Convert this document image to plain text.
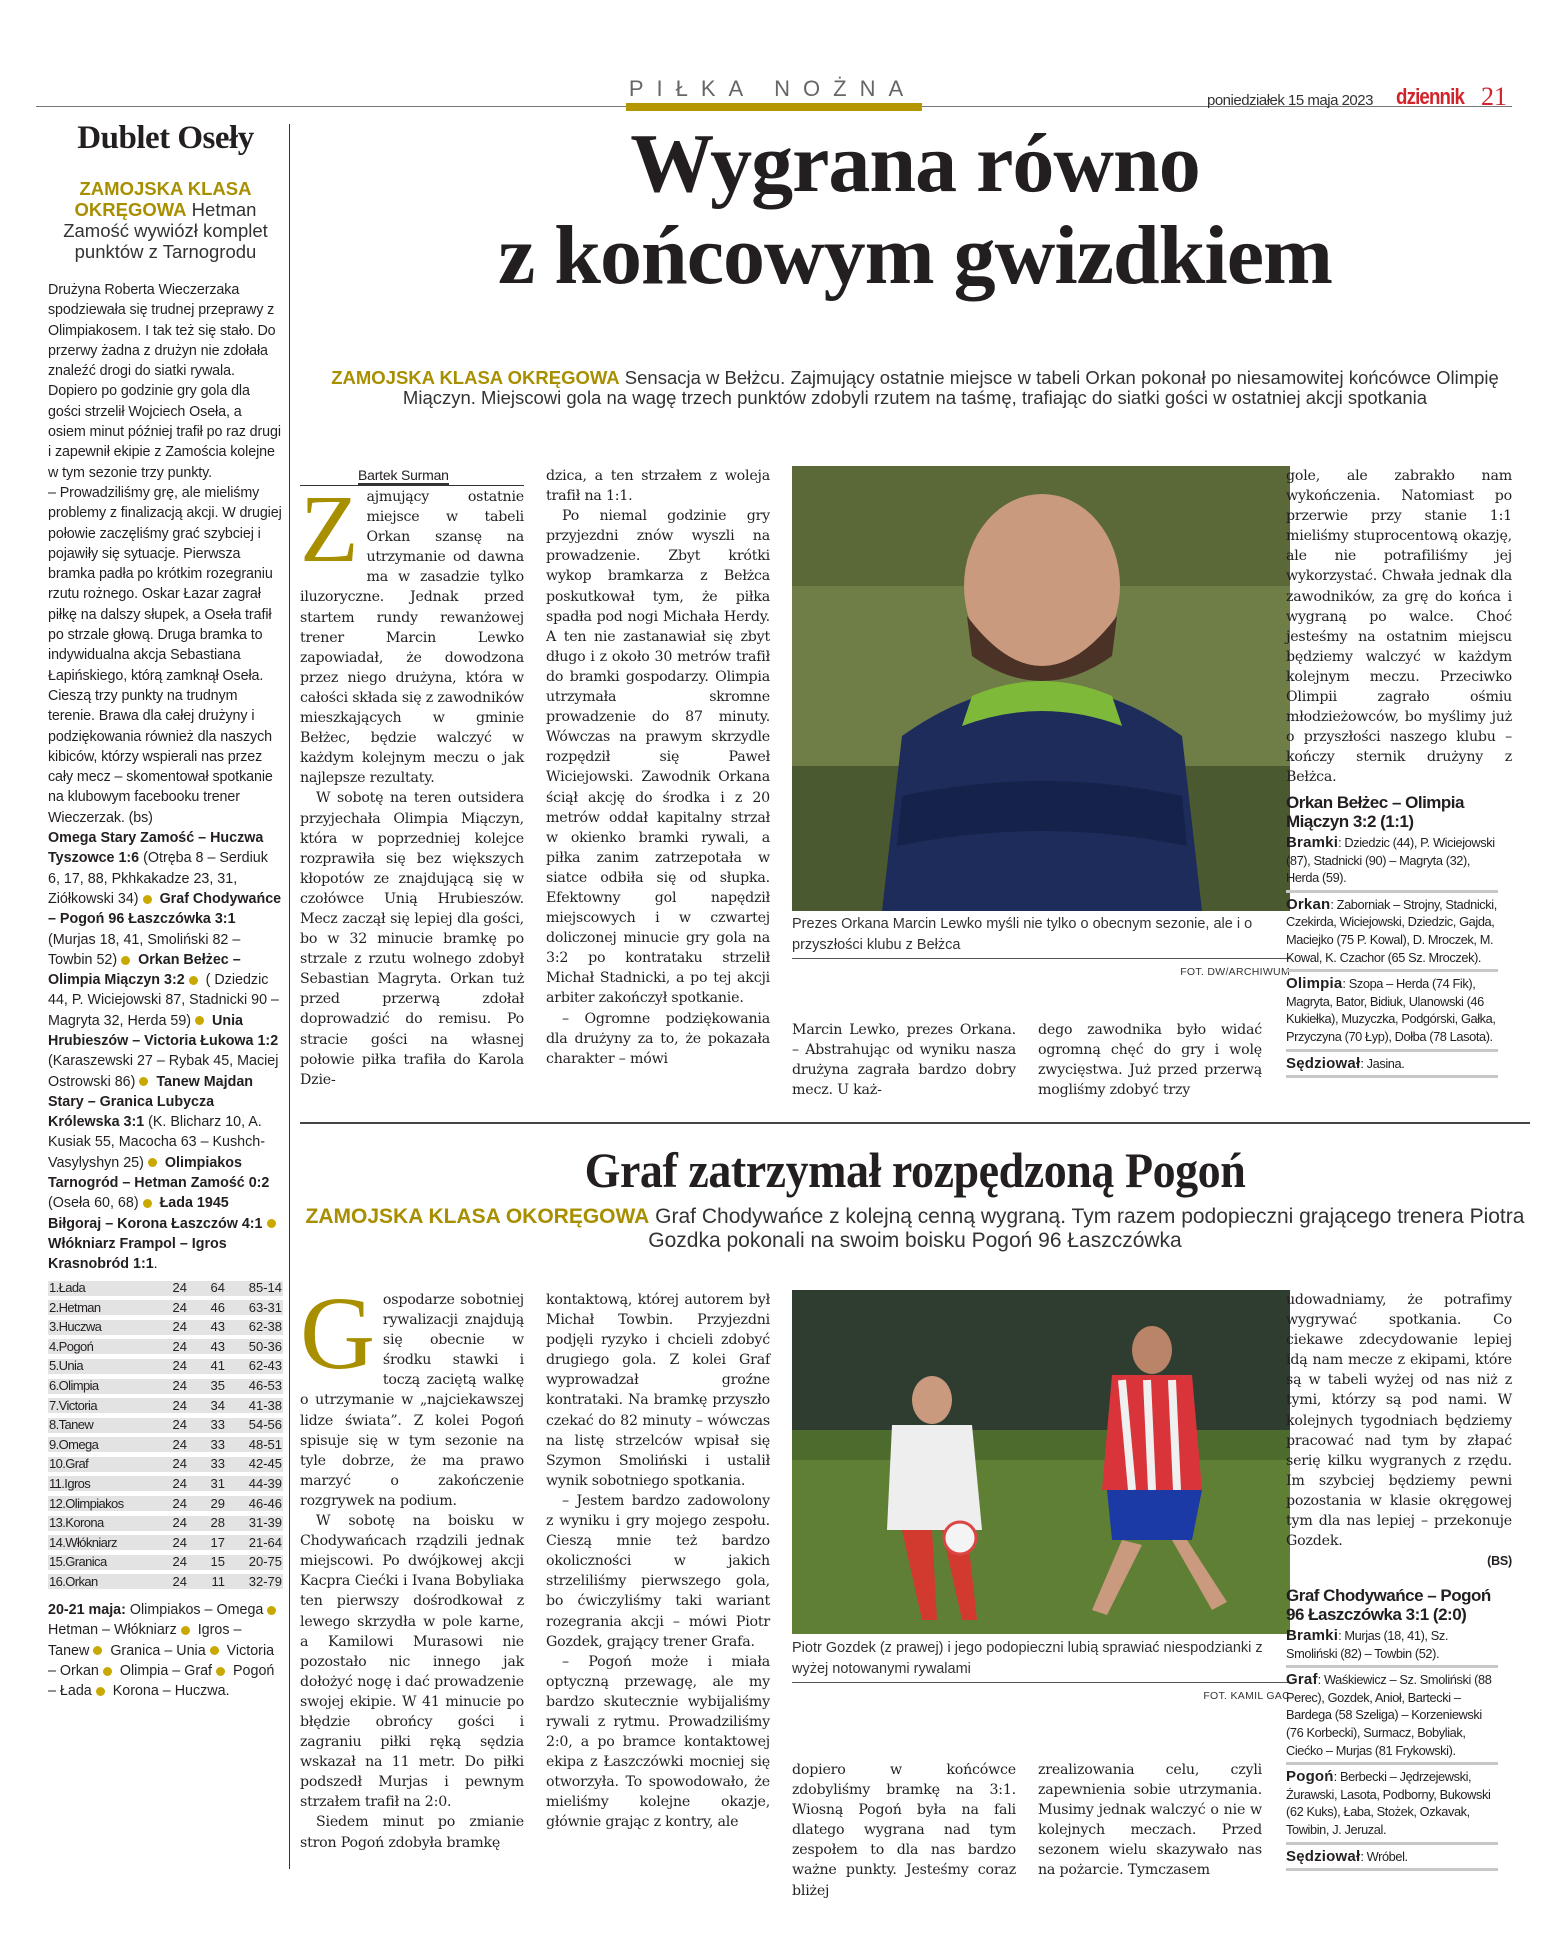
PIŁKA NOŻNA	poniedziałek 15 maja 2023 dziennik 21
Dublet Oseły
ZAMOJSKA KLASA OKRĘGOWA Hetman Zamość wywiózł komplet punktów z Tarnogrodu

Drużyna Roberta Wieczerzaka spodziewała się trudnej przeprawy z Olimpiakosem. I tak też się stało. Do przerwy żadna z drużyn nie zdołała znaleźć drogi do siatki rywala. Dopiero po godzinie gry gola dla gości strzelił Wojciech Oseła, a osiem minut później trafił po raz drugi i zapewnił ekipie z Zamościa kolejne w tym sezonie trzy punkty.

– Prowadziliśmy grę, ale mieliśmy problemy z finalizacją akcji. W drugiej połowie zaczęliśmy grać szybciej i pojawiły się sytuacje. Pierwsza bramka padła po krótkim rozegraniu rzutu rożnego. Oskar Łazar zagrał piłkę na dalszy słupek, a Oseła trafił po strzale głową. Druga bramka to indywidualna akcja Sebastiana Łapińskiego, którą zamknął Oseła. Cieszą trzy punkty na trudnym terenie. Brawa dla całej drużyny i podziękowania również dla naszych kibiców, którzy wspierali nas przez cały mecz – skomentował spotkanie na klubowym facebooku trener Wieczerzak. (bs)

Omega Stary Zamość – Huczwa Tyszowce 1:6 (Otręba 8 – Serdiuk 6, 17, 88, Pkhkakadze 23, 31, Ziółkowski 34) Graf Chodywańce – Pogoń 96 Łaszczówka 3:1 (Murjas 18, 41, Smoliński 82 – Towbin 52) Orkan Bełżec – Olimpia Miączyn 3:2 ( Dziedzic 44, P. Wiciejowski 87, Stadnicki 90 – Magryta 32, Herda 59) Unia Hrubieszów – Victoria Łukowa 1:2 (Karaszewski 27 – Rybak 45, Maciej Ostrowski 86) Tanew Majdan Stary – Granica Lubycza Królewska 3:1 (K. Blicharz 10, A. Kusiak 55, Macocha 63 – Kushch-Vasylyshyn 25) Olimpiakos Tarnogród – Hetman Zamość 0:2 (Oseła 60, 68) Łada 1945 Biłgoraj – Korona Łaszczów 4:1 Włókniarz Frampol – Igros Krasnobród 1:1.
1.Łada	24	64	85-14
2.Hetman	24	46	63-31
3.Huczwa	24	43	62-38
4.Pogoń	24	43	50-36
5.Unia	24	41	62-43
6.Olimpia	24	35	46-53
7.Victoria	24	34	41-38
8.Tanew	24	33	54-56
9.Omega	24	33	48-51
10.Graf	24	33	42-45
11.Igros	24	31	44-39
12.Olimpiakos	24	29	46-46
13.Korona	24	28	31-39
14.Włókniarz	24	17	21-64
15.Granica	24	15	20-75
16.Orkan	24	11	32-79
20-21 maja: Olimpiakos – Omega Hetman – Włókniarz Igros – Tanew Granica – Unia Victoria – Orkan Olimpia – Graf Pogoń – Łada Korona – Huczwa.
Wygrana równo
z końcowym gwizdkiem
ZAMOJSKA KLASA OKRĘGOWA Sensacja w Bełżcu. Zajmujący ostatnie miejsce w tabeli Orkan pokonał po niesamowitej końcówce Olimpię Miączyn. Miejscowi gola na wagę trzech punktów zdobyli rzutem na taśmę, trafiając do siatki gości w ostatniej akcji spotkania
Bartek Surman

Zajmujący ostatnie miejsce w tabeli Orkan szansę na utrzymanie od dawna ma w zasadzie tylko iluzoryczne. Jednak przed startem rundy rewanżowej trener Marcin Lewko zapowiadał, że dowodzona przez niego drużyna, która w całości składa się z zawodników mieszkających w gminie Bełżec, będzie walczyć w każdym kolejnym meczu o jak najlepsze rezultaty.

W sobotę na teren outsidera przyjechała Olimpia Miączyn, która w poprzedniej kolejce rozprawiła się bez większych kłopotów ze znajdującą się w czołówce Unią Hrubieszów. Mecz zaczął się lepiej dla gości, bo w 32 minucie bramkę po strzale z rzutu wolnego zdobył Sebastian Magryta. Orkan tuż przed przerwą zdołał doprowadzić do remisu. Po stracie gości na własnej połowie piłka trafiła do Karola Dzie-

dzica, a ten strzałem z woleja trafił na 1:1.

Po niemal godzinie gry przyjezdni znów wyszli na prowadzenie. Zbyt krótki wykop bramkarza z Bełżca poskutkował tym, że piłka spadła pod nogi Michała Herdy. A ten nie zastanawiał się zbyt długo i z około 30 metrów trafił do bramki gospodarzy. Olimpia utrzymała skromne prowadzenie do 87 minuty. Wówczas na prawym skrzydle rozpędził się Paweł Wiciejowski. Zawodnik Orkana ściął akcję do środka i z 20 metrów oddał kapitalny strzał w okienko bramki rywali, a piłka zanim zatrzepotała w siatce odbiła się od słupka. Efektowny gol napędził miejscowych i w czwartej doliczonej minucie gry gola na 3:2 po kontrataku strzelił Michał Stadnicki, a po tej akcji arbiter zakończył spotkanie.

– Ogromne podziękowania dla drużyny za to, że pokazała charakter – mówi

Prezes Orkana Marcin Lewko myśli nie tylko o obecnym sezonie, ale i o przyszłości klubu z Bełżca
FOT. DW/ARCHIWUM

Marcin Lewko, prezes Orkana. – Abstrahując od wyniku nasza drużyna zagrała bardzo dobry mecz. U każ-

dego zawodnika było widać ogromną chęć do gry i wolę zwycięstwa. Już przed przerwą mogliśmy zdobyć trzy

gole, ale zabrakło nam wykończenia. Natomiast po przerwie przy stanie 1:1 mieliśmy stuprocentową okazję, ale nie potrafiliśmy jej wykorzystać. Chwała jednak dla zawodników, za grę do końca i wygraną po walce. Choć jesteśmy na ostatnim miejscu będziemy walczyć w każdym kolejnym meczu. Przeciwko Olimpii zagrało ośmiu młodzieżowców, bo myślimy już o przyszłości naszego klubu – kończy sternik drużyny z Bełżca.

Orkan Bełżec – Olimpia Miączyn 3:2 (1:1)
Bramki: Dziedzic (44), P. Wiciejowski (87), Stadnicki (90) – Magryta (32), Herda (59).
Orkan: Zaborniak – Strojny, Stadnicki, Czekirda, Wiciejowski, Dziedzic, Gajda, Maciejko (75 P. Kowal), D. Mroczek, M. Kowal, K. Czachor (65 Sz. Mroczek).
Olimpia: Szopa – Herda (74 Fik), Magryta, Bator, Bidiuk, Ulanowski (46 Kukiełka), Muzyczka, Podgórski, Gałka, Przyczyna (70 Łyp), Dołba (78 Lasota).
Sędziował: Jasina.
Graf zatrzymał rozpędzoną Pogoń
ZAMOJSKA KLASA OKORĘGOWA Graf Chodywańce z kolejną cenną wygraną. Tym razem podopieczni grającego trenera Piotra Gozdka pokonali na swoim boisku Pogoń 96 Łaszczówka

Gospodarze sobotniej rywalizacji znajdują się obecnie w środku stawki i toczą zaciętą walkę o utrzymanie w „najciekawszej lidze świata”. Z kolei Pogoń spisuje się w tym sezonie na tyle dobrze, że ma prawo marzyć o zakończenie rozgrywek na podium.

W sobotę na boisku w Chodywańcach rządzili jednak miejscowi. Po dwójkowej akcji Kacpra Ciećki i Ivana Bobyliaka ten pierwszy dośrodkował z lewego skrzydła w pole karne, a Kamilowi Murasowi nie pozostało nic innego jak dołożyć nogę i dać prowadzenie swojej ekipie. W 41 minucie po błędzie obrońcy gości i zagraniu piłki ręką sędzia wskazał na 11 metr. Do piłki podszedł Murjas i pewnym strzałem trafił na 2:0.

Siedem minut po zmianie stron Pogoń zdobyła bramkę

kontaktową, której autorem był Michał Towbin. Przyjezdni podjęli ryzyko i chcieli zdobyć drugiego gola. Z kolei Graf wyprowadzał groźne kontrataki. Na bramkę przyszło czekać do 82 minuty – wówczas na listę strzelców wpisał się Szymon Smoliński i ustalił wynik sobotniego spotkania.

– Jestem bardzo zadowolony z wyniku i gry mojego zespołu. Cieszą mnie też bardzo okoliczności w jakich strzeliliśmy pierwszego gola, bo ćwiczyliśmy taki wariant rozegrania akcji – mówi Piotr Gozdek, grający trener Grafa.

– Pogoń może i miała optyczną przewagę, ale my bardzo skutecznie wybijaliśmy rywali z rytmu. Prowadziliśmy 2:0, a po bramce kontaktowej ekipa z Łaszczówki mocniej się otworzyła. To spowodowało, że mieliśmy kolejne okazje, głównie grając z kontry, ale

Piotr Gozdek (z prawej) i jego podopieczni lubią sprawiać niespodzianki z wyżej notowanymi rywalami
FOT. KAMIL GAC

dopiero w końcówce zdobyliśmy bramkę na 3:1. Wiosną Pogoń była na fali dlatego wygrana nad tym zespołem to dla nas bardzo ważne punkty. Jesteśmy coraz bliżej

zrealizowania celu, czyli zapewnienia sobie utrzymania. Musimy jednak walczyć o nie w kolejnych meczach. Przed sezonem wielu skazywało nas na pożarcie. Tymczasem

udowadniamy, że potrafimy wygrywać spotkania. Co ciekawe zdecydowanie lepiej idą nam mecze z ekipami, które są w tabeli wyżej od nas niż z tymi, którzy są pod nami. W kolejnych tygodniach będziemy pracować nad tym by złapać serię kilku wygranych z rzędu. Im szybciej będziemy pewni pozostania w klasie okręgowej tym dla nas lepiej – przekonuje Gozdek.

(BS)
Graf Chodywańce – Pogoń 96 Łaszczówka 3:1 (2:0)
Bramki: Murjas (18, 41), Sz. Smoliński (82) – Towbin (52).
Graf: Waśkiewicz – Sz. Smoliński (88 Perec), Gozdek, Anioł, Bartecki – Bardega (58 Szeliga) – Korzeniewski (76 Korbecki), Surmacz, Bobyliak, Ciećko – Murjas (81 Frykowski).
Pogoń: Berbecki – Jędrzejewski, Żurawski, Lasota, Podborny, Bukowski (62 Kuks), Łaba, Stożek, Ozkavak, Towibin, J. Jeruzal.
Sędziował: Wróbel.
